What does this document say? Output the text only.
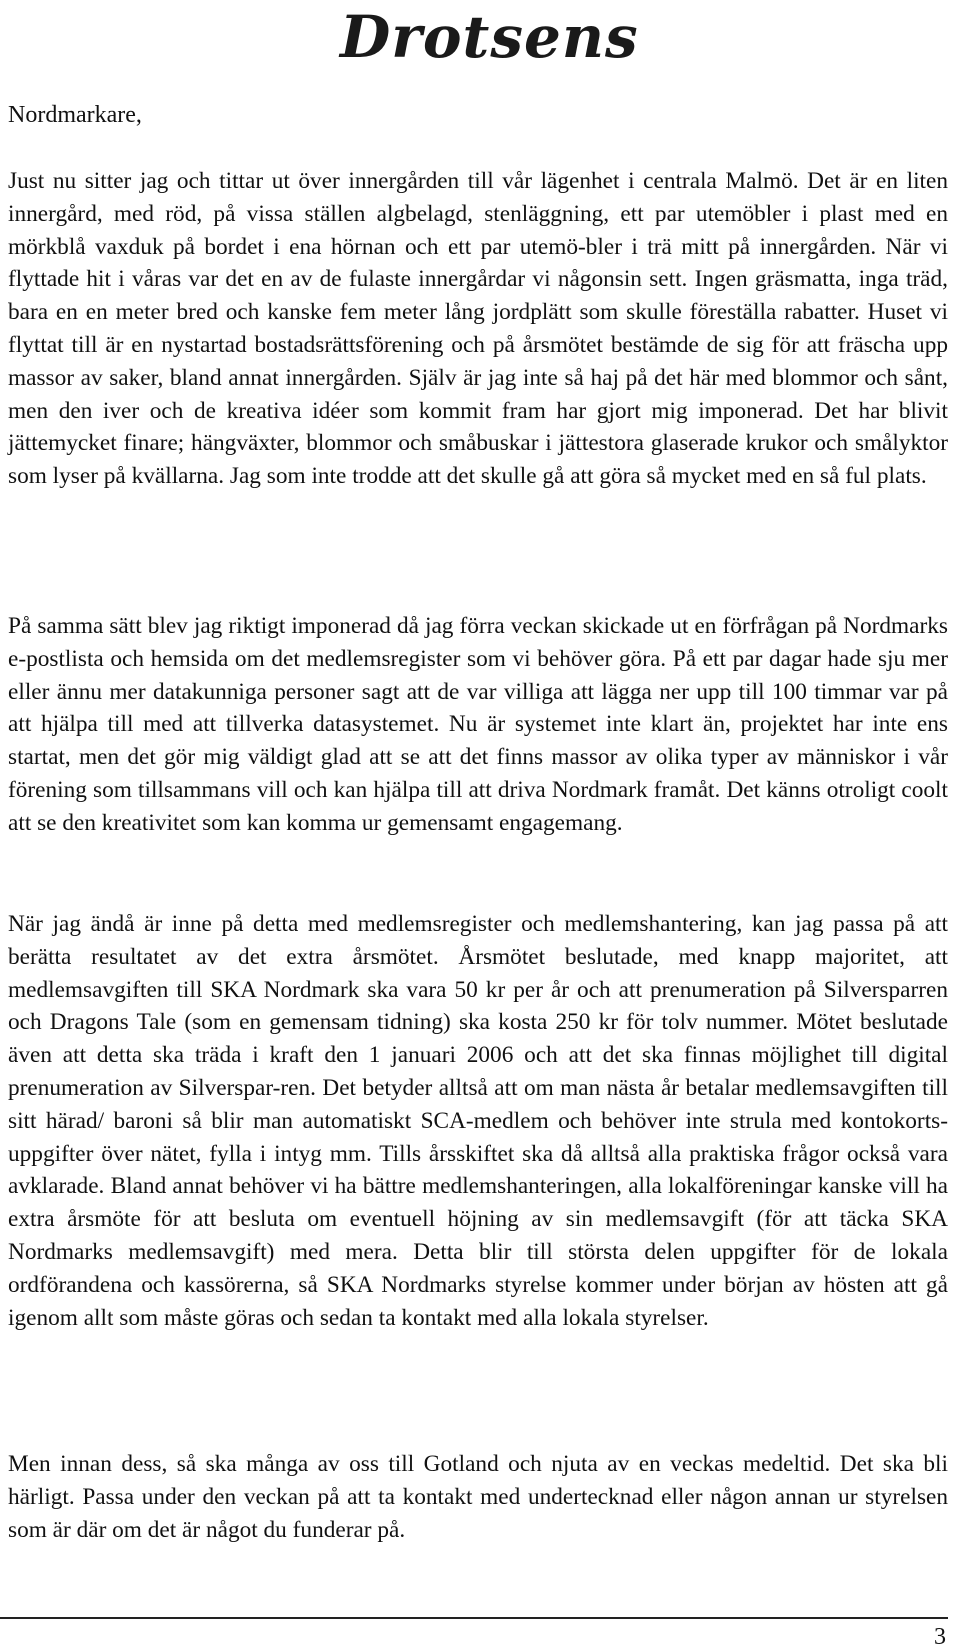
Drotsens

Nordmarkare,

Just nu sitter jag och tittar ut över innergården till vår lägenhet i centrala Malmö. Det är en liten innergård, med röd, på vissa ställen algbelagd, stenläggning, ett par utemöbler i plast med en mörkblå vaxduk på bordet i ena hörnan och ett par utemö-bler i trä mitt på innergården. När vi flyttade hit i våras var det en av de fulaste innergårdar vi någonsin sett. Ingen gräsmatta, inga träd, bara en en meter bred och kanske fem meter lång jordplätt som skulle föreställa rabatter. Huset vi flyttat till är en nystartad bostadsrättsförening och på årsmötet bestämde de sig för att fräscha upp massor av saker, bland annat innergården. Själv är jag inte så haj på det här med blommor och sånt, men den iver och de kreativa idéer som kommit fram har gjort mig imponerad. Det har blivit jättemycket finare; hängväxter, blommor och småbuskar i jättestora glaserade krukor och smålyktor som lyser på kvällarna. Jag som inte trodde att det skulle gå att göra så mycket med en så ful plats.

På samma sätt blev jag riktigt imponerad då jag förra veckan skickade ut en förfrågan på Nordmarks e-postlista och hemsida om det medlemsregister som vi behöver göra. På ett par dagar hade sju mer eller ännu mer datakunniga personer sagt att de var villiga att lägga ner upp till 100 timmar var på att hjälpa till med att tillverka datasystemet. Nu är systemet inte klart än, projektet har inte ens startat, men det gör mig väldigt glad att se att det finns massor av olika typer av människor i vår förening som tillsammans vill och kan hjälpa till att driva Nordmark framåt. Det känns otroligt coolt att se den kreativitet som kan komma ur gemensamt engagemang.

När jag ändå är inne på detta med medlemsregister och medlemshantering, kan jag passa på att berätta resultatet av det extra årsmötet. Årsmötet beslutade, med knapp majoritet, att medlemsavgiften till SKA Nordmark ska vara 50 kr per år och att prenumeration på Silversparren och Dragons Tale (som en gemensam tidning) ska kosta 250 kr för tolv nummer. Mötet beslutade även att detta ska träda i kraft den 1 januari 2006 och att det ska finnas möjlighet till digital prenumeration av Silverspar-ren. Det betyder alltså att om man nästa år betalar medlemsavgiften till sitt härad/ baroni så blir man automatiskt SCA-medlem och behöver inte strula med kontokorts-uppgifter över nätet, fylla i intyg mm. Tills årsskiftet ska då alltså alla praktiska frågor också vara avklarade. Bland annat behöver vi ha bättre medlemshanteringen, alla lokalföreningar kanske vill ha extra årsmöte för att besluta om eventuell höjning av sin medlemsavgift (för att täcka SKA Nordmarks medlemsavgift) med mera. Detta blir till största delen uppgifter för de lokala ordförandena och kassörerna, så SKA Nordmarks styrelse kommer under början av hösten att gå igenom allt som måste göras och sedan ta kontakt med alla lokala styrelser.

Men innan dess, så ska många av oss till Gotland och njuta av en veckas medeltid. Det ska bli härligt. Passa under den veckan på att ta kontakt med undertecknad eller någon annan ur styrelsen som är där om det är något du funderar på.

3
